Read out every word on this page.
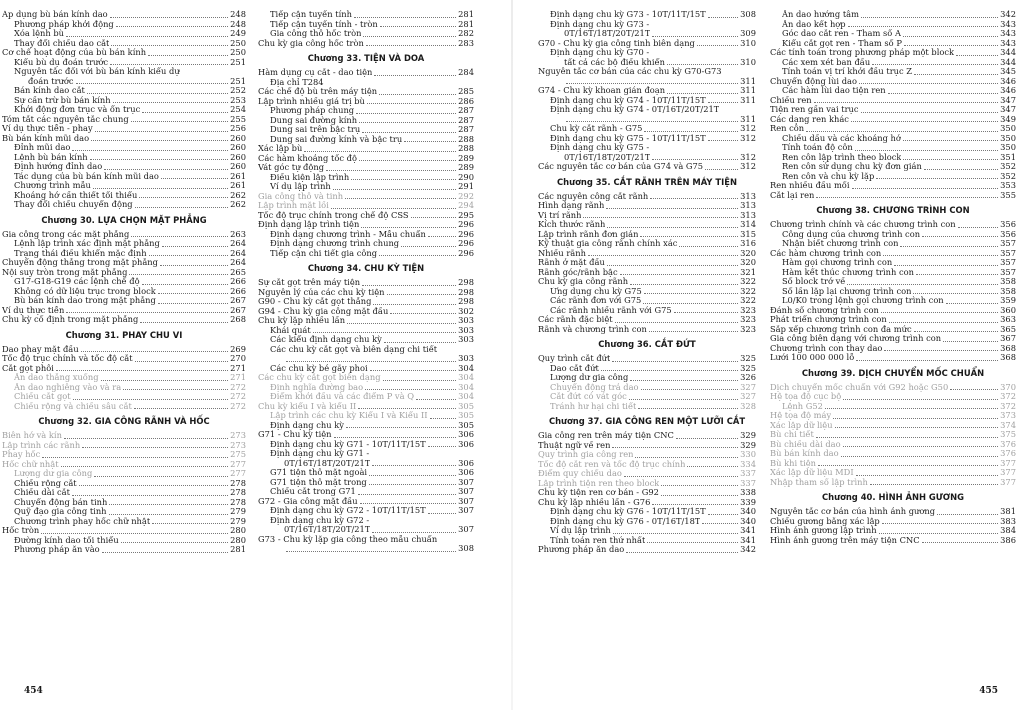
Áp dụng bù bán kính dao	248
Phương pháp khởi động	248
Xóa lệnh bù	249
Thay đổi chiều dao cắt	250
Cơ chế hoạt động của bù bán kính	250
Kiểu bù dụ đoán trước	251
Nguyên tắc đối với bù bán kính kiểu dự
đoán trước	251
Bán kính dao cắt	252
Sự cần trừ bù bán kính	253
Khởi động đơn trục và ổn trục	254
Tóm tắt các nguyên tắc chung	255
Ví dụ thực tiễn - phay	256
Bù bán kính mũi dao	260
Đỉnh mũi dao	260
Lệnh bù bán kính	260
Định hướng đỉnh dao	260
Tác dụng của bù bán kính mũi dao	261
Chương trình mẫu	261
Khoảng hở cần thiết tối thiểu	262
Thay đổi chiều chuyển động	262
Chương 30. LỰA CHỌN MẶT PHẲNG
Gia công trong các mặt phẳng	263
Lệnh lập trình xác định mặt phẳng	264
Trạng thái điều khiển mặc định	264
Chuyển động thẳng trong mặt phẳng	264
Nội suy tròn trong mặt phẳng	265
G17-G18-G19 các lệnh chế độ	266
Không có dữ liệu trục trong block	266
Bù bán kính dao trong mặt phẳng	267
Ví dụ thực tiễn	267
Chu kỳ cố định trong mặt phẳng	268
Chương 31. PHAY CHU VI
Dao phay mặt đầu	269
Tốc độ trục chính và tốc độ cắt	270
Cắt gọt phôi	271
Ăn dao thẳng xuống	271
Ăn dao nghiêng vào và ra	272
Chiều cắt gọt	272
Chiều rộng và chiều sâu cắt	272
Chương 32. GIA CÔNG RÃNH VÀ HỐC
Biên hở và kín	273
Lập trình các rãnh	273
Phay hốc	275
Hốc chữ nhật	277
Lượng dư gia công	277
Chiều rộng cắt	278
Chiều dài cắt	278
Chuyển động bán tinh	278
Quỹ đạo gia công tinh	279
Chương trình phay hốc chữ nhật	279
Hốc tròn	280
Đường kính dao tối thiểu	280
Phương pháp ăn vào	281
Tiếp cận tuyến tính	281
Tiếp cận tuyến tính - tròn	281
Gia công thô hốc tròn	282
Chu kỳ gia công hốc tròn	283
Chương 33. TIỆN VÀ DOA
Hàm dụng cụ cắt - dao tiện	284
Địa chỉ T284
Các chế độ bù trên máy tiện	285
Lập trình nhiều giá trị bù	286
Phương pháp chung	287
Dung sai đường kính	287
Dung sai trên bậc trụ	287
Dung sai đường kính và bậc trụ	288
Xác lập bù	288
Các hàm khoảng tốc độ	289
Vát góc tự động	289
Điều kiện lập trình	290
Ví dụ lập trình	291
Gia công thô và tinh	292
Lập trình mặt lồi	294
Tốc độ trục chính trong chế độ CSS	295
Định dạng lập trình tiện	296
Định dạng chương trình - Mẫu chuẩn	296
Định dạng chương trình chung	296
Tiếp cận chi tiết gia công	296
Chương 34. CHU KỲ TIỆN
Sự cắt gọt trên máy tiện	298
Nguyên lý của các chu kỳ tiện	298
G90 - Chu kỳ cắt gọt thẳng	298
G94 - Chu kỳ gia công mặt đầu	302
Chu kỳ lặp nhiều lần	303
Khái quát	303
Các kiểu định dạng chu kỳ	303
Các chu kỳ cắt gọt và biên dạng chi tiết
303
Các chu kỳ bẻ gãy phoi	304
Các chu kỳ cắt gọt biên dạng	304
Định nghĩa đường bao	304
Điểm khởi đầu và các điểm P và Q	304
Chu kỳ kiểu I và kiểu II	305
Lập trình các chu kỳ Kiểu I và Kiểu II	305
Định dạng chu kỳ	305
G71 - Chu kỳ tiện	306
Định dạng chu kỳ G71 - 10T/11T/15T	306
Định dạng chu kỳ G71 -
0T/16T/18T/20T/21T	306
G71 tiện thô mặt ngoài	306
G71 tiện thô mặt trong	307
Chiều cắt trong G71	307
G72 - Gia công mặt đầu	307
Định dạng chu kỳ G72 - 10T/11T/15T	307
Định dạng chu kỳ G72 -
0T/16T/18T/20T/21T	307
G73 - Chu kỳ lặp gia công theo mẫu chuẩn
308
454
Định dạng chu kỳ G73 - 10T/11T/15T	308
Định dạng chu kỳ G73 -
0T/16T/18T/20T/21T	309
G70 - Chu kỳ gia công tinh biên dạng	310
Định dạng chu kỳ G70 -
tất cả các bộ điều khiển	310
Nguyên tắc cơ bản của các chu kỳ G70-G73
311
G74 - Chu kỳ khoan gián đoạn	311
Định dạng chu kỳ G74 - 10T/11T/15T	311
Định dạng chu kỳ G74 - 0T/16T/20T/21T
311
Chu kỳ cắt rãnh - G75	312
Định dạng chu kỳ G75 - 10T/11T/15T	312
Định dạng chu kỳ G75 -
0T/16T/18T/20T/21T	312
Các nguyên tắc cơ bản của G74 và G75	312
Chương 35. CẮT RÃNH TRÊN MÁY TIỆN
Các nguyên công cắt rãnh	313
Hình dạng rãnh	313
Vị trí rãnh	313
Kích thước rãnh	314
Lập trình rãnh đơn giản	315
Kỹ thuật gia công rãnh chính xác	316
Nhiều rãnh	320
Rãnh ở mặt đầu	320
Rãnh góc/rãnh bậc	321
Chu kỳ gia công rãnh	322
Ứng dụng chu kỳ G75	322
Các rãnh đơn với G75	322
Các rãnh nhiều rãnh với G75	323
Các rãnh đặc biệt	323
Rãnh và chương trình con	323
Chương 36. CẮT ĐỨT
Quy trình cắt đứt	325
Dao cắt đứt	325
Lượng dư gia công	326
Chuyển động trả dao	327
Cắt đứt có vát góc	327
Tránh hư hại chi tiết	328
Chương 37. GIA CÔNG REN MỘT LƯỠI CẮT
Gia công ren trên máy tiện CNC	329
Thuật ngữ về ren	329
Quy trình gia công ren	330
Tốc độ cắt ren và tốc độ trục chính	334
Điểm quy chiếu dao	337
Lập trình tiện ren theo block	337
Chu kỳ tiện ren cơ bản - G92	338
Chu kỳ lặp nhiều lần - G76	339
Định dạng chu kỳ G76 - 10T/11T/15T	340
Định dạng chu kỳ G76 - 0T/16T/18T	340
Ví dụ lập trình	341
Tính toán ren thứ nhất	341
Phương pháp ăn dao	342
Ăn dao hướng tâm	342
Ăn dao kết hợp	343
Góc dao cắt ren - Tham số A	343
Kiểu cắt gọt ren - Tham số P	343
Các tính toán trong phương pháp một block	344
Các xem xét ban đầu	344
Tính toán vị trí khởi đầu trục Z	345
Chuyển động lùi dao	346
Các hàm lùi dao tiện ren	346
Chiều ren	347
Tiện ren gần vai trục	347
Các dạng ren khác	349
Ren côn	350
Chiều dầu và các khoảng hở	350
Tính toán độ côn	350
Ren côn lập trình theo block	351
Ren côn sử dụng chu kỳ đơn giản	352
Ren côn và chu kỳ lặp	352
Ren nhiều đầu mối	353
Cắt lại ren	355
Chương 38. CHƯƠNG TRÌNH CON
Chương trình chính và các chương trình con	356
Công dụng của chương trình con	356
Nhận biết chương trình con	357
Các hàm chương trình con	357
Hàm gọi chương trình con	357
Hàm kết thúc chương trình con	357
Số block trở về	358
Số lần lặp lại chương trình con	358
L0/K0 trong lệnh gọi chương trình con	359
Đánh số chương trình con	360
Phát triển chương trình con	363
Sắp xếp chương trình con đa mức	365
Gia công biên dạng với chương trình con	367
Chương trình con thay dao	368
Lưới 100 000 000 lỗ	368
Chương 39. DỊCH CHUYỂN MỐC CHUẨN
Dịch chuyển mốc chuẩn với G92 hoặc G50	370
Hệ tọa độ cục bộ	372
Lệnh G52	372
Hệ tọa độ máy	373
Xác lập dữ liệu	374
Bù chi tiết	375
Bù chiều dài dao	376
Bù bán kính dao	376
Bù khi tiện	377
Xác lập dữ liệu MDI	377
Nhập tham số lập trình	377
Chương 40. HÌNH ẢNH GƯƠNG
Nguyên tắc cơ bản của hình ảnh gương	381
Chiều gương bằng xác lập	383
Hình ảnh gương lập trình	384
Hình ảnh gương trên máy tiện CNC	386
455
